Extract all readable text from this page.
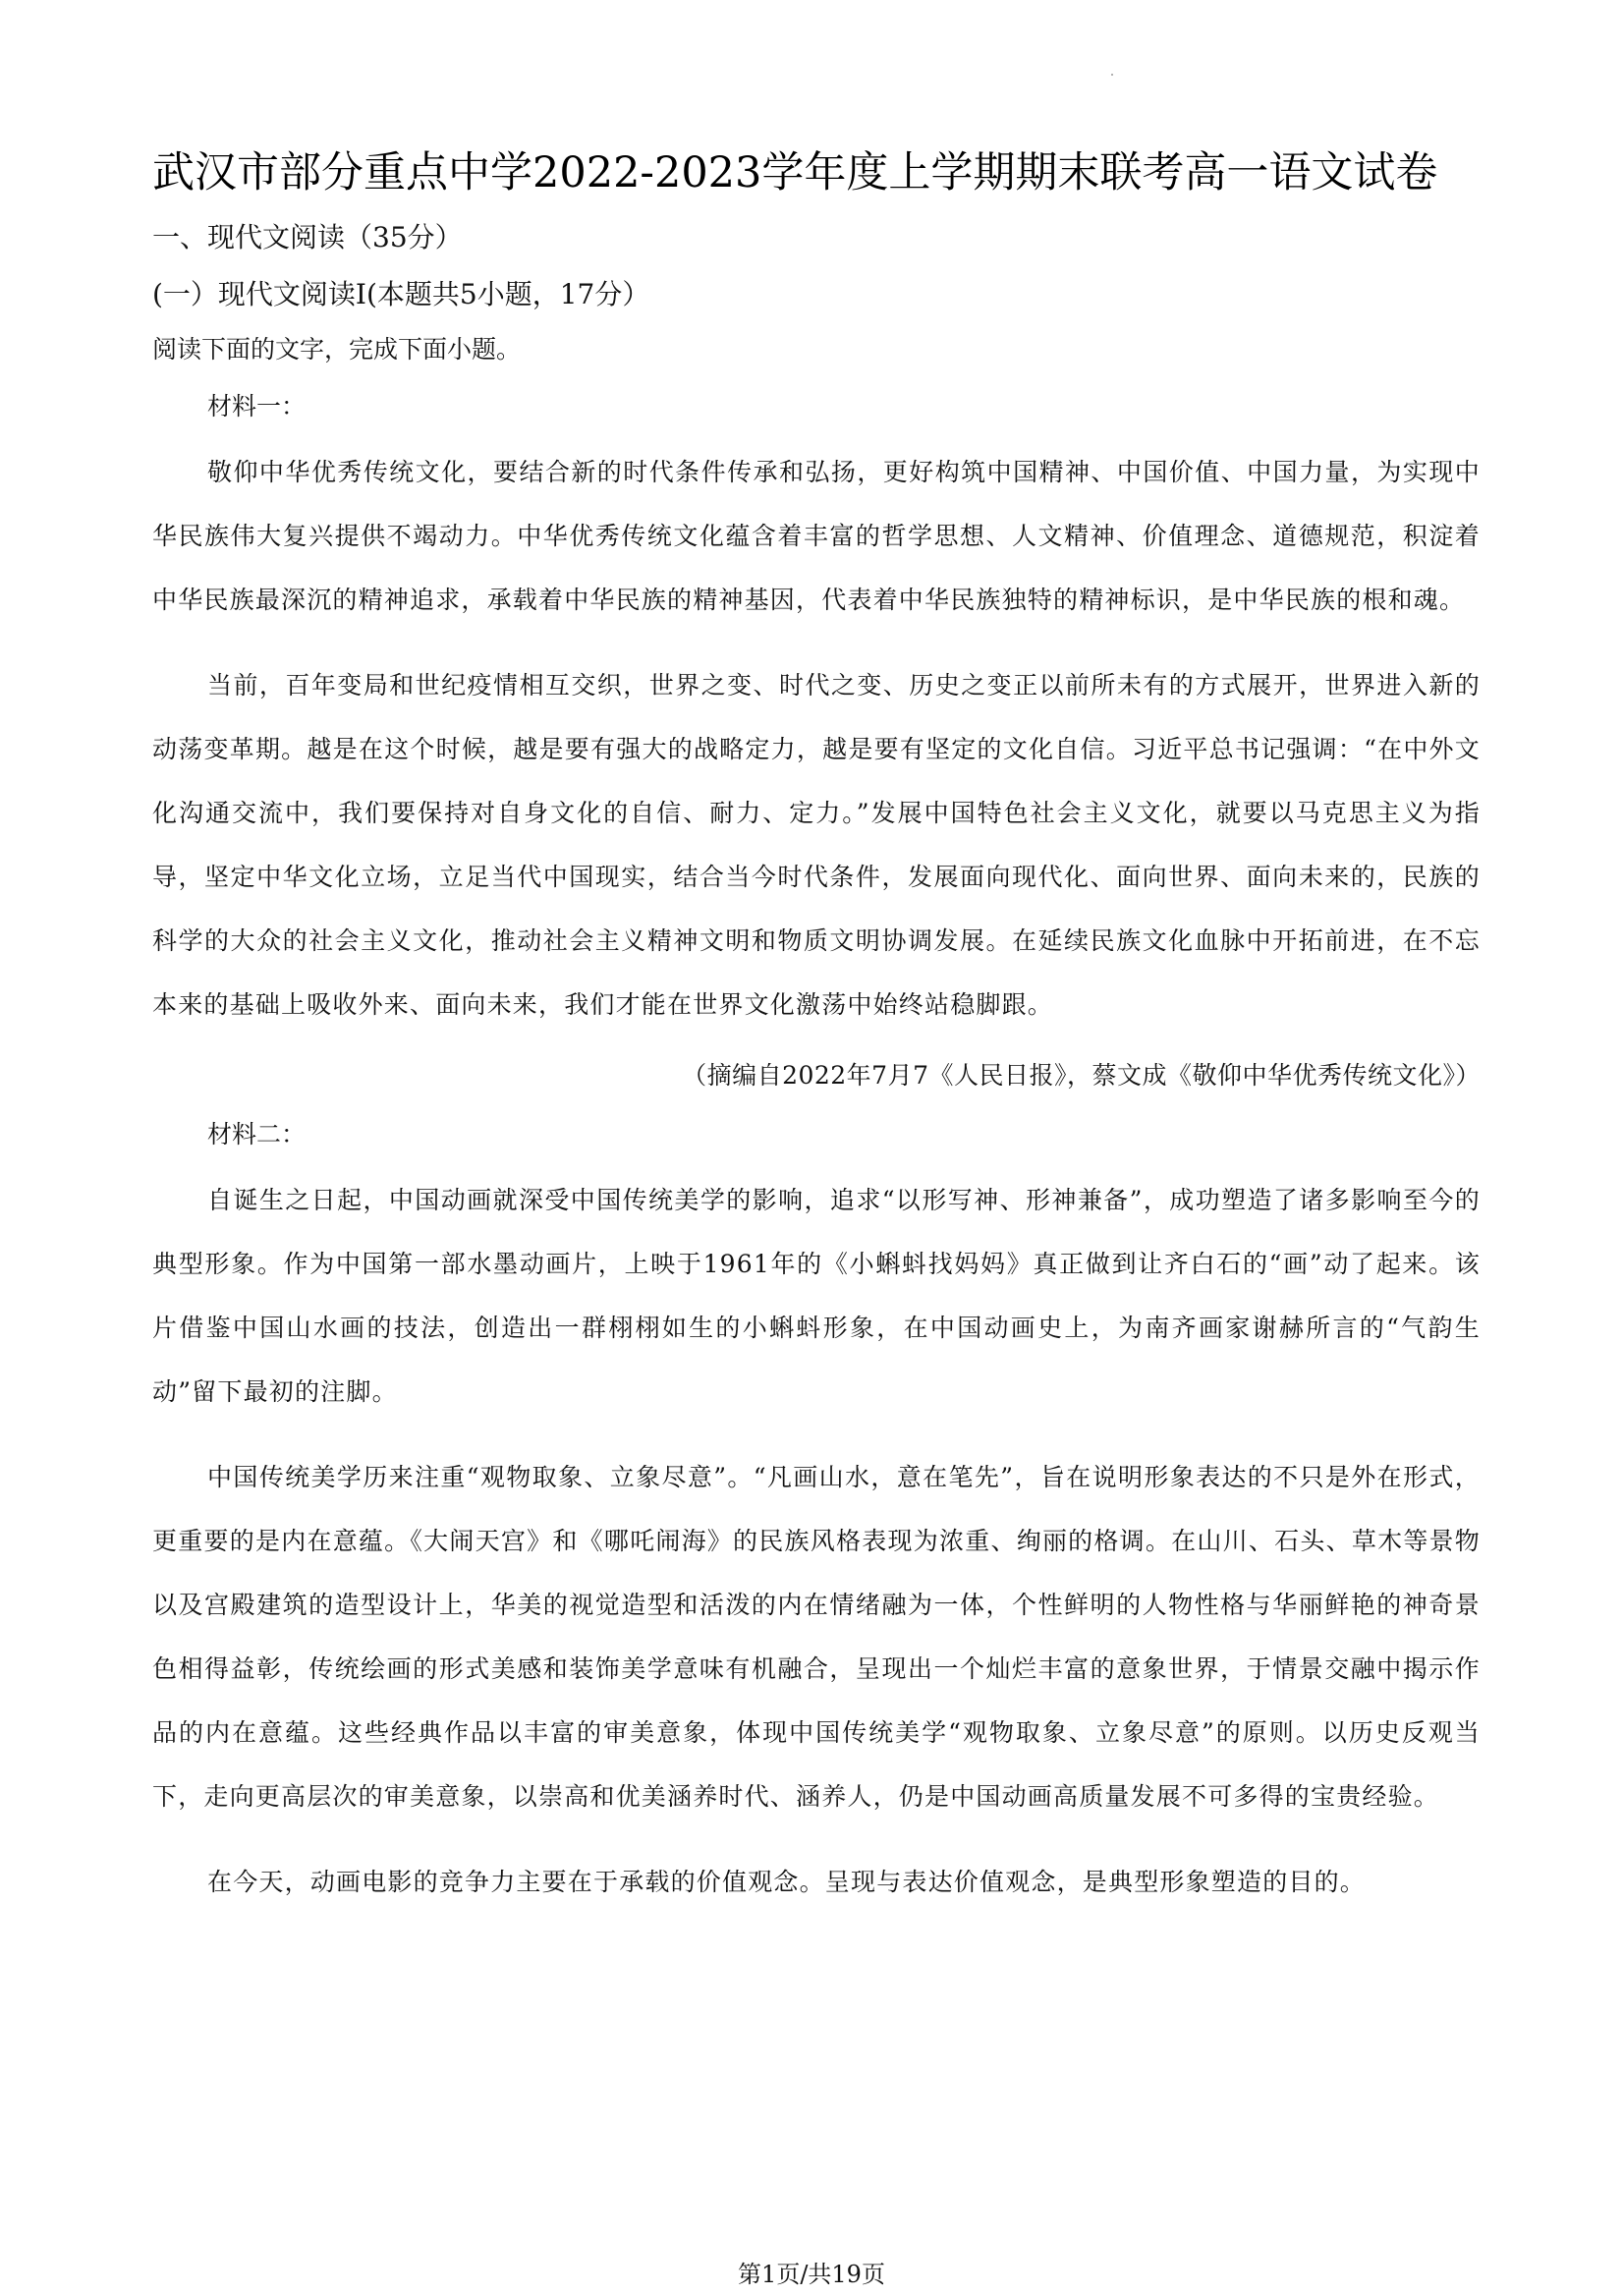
武汉市部分重点中学2022-2023学年度上学期期末联考高一语文试卷
一、现代文阅读（35分）
(一）现代文阅读Ⅰ(本题共5小题，17分）
阅读下面的文字，完成下面小题。
材料一：

敬仰中华优秀传统文化，要结合新的时代条件传承和弘扬，更好构筑中国精神、中国价值、中国力量，为实现中华民族伟大复兴提供不竭动力。中华优秀传统文化蕴含着丰富的哲学思想、人文精神、价值理念、道德规范，积淀着中华民族最深沉的精神追求，承载着中华民族的精神基因，代表着中华民族独特的精神标识，是中华民族的根和魂。

当前，百年变局和世纪疫情相互交织，世界之变、时代之变、历史之变正以前所未有的方式展开，世界进入新的动荡变革期。越是在这个时候，越是要有强大的战略定力，越是要有坚定的文化自信。习近平总书记强调：“在中外文化沟通交流中，我们要保持对自身文化的自信、耐力、定力。”发展中国特色社会主义文化，就要以马克思主义为指导，坚定中华文化立场，立足当代中国现实，结合当今时代条件，发展面向现代化、面向世界、面向未来的，民族的科学的大众的社会主义文化，推动社会主义精神文明和物质文明协调发展。在延续民族文化血脉中开拓前进，在不忘本来的基础上吸收外来、面向未来，我们才能在世界文化激荡中始终站稳脚跟。

（摘编自2022年7月7《人民日报》，蔡文成《敬仰中华优秀传统文化》）
材料二：

自诞生之日起，中国动画就深受中国传统美学的影响，追求“以形写神、形神兼备”，成功塑造了诸多影响至今的典型形象。作为中国第一部水墨动画片，上映于1961年的《小蝌蚪找妈妈》真正做到让齐白石的“画”动了起来。该片借鉴中国山水画的技法，创造出一群栩栩如生的小蝌蚪形象，在中国动画史上，为南齐画家谢赫所言的“气韵生动”留下最初的注脚。

中国传统美学历来注重“观物取象、立象尽意”。“凡画山水，意在笔先”，旨在说明形象表达的不只是外在形式，更重要的是内在意蕴。《大闹天宫》和《哪吒闹海》的民族风格表现为浓重、绚丽的格调。在山川、石头、草木等景物以及宫殿建筑的造型设计上，华美的视觉造型和活泼的内在情绪融为一体，个性鲜明的人物性格与华丽鲜艳的神奇景色相得益彰，传统绘画的形式美感和装饰美学意味有机融合，呈现出一个灿烂丰富的意象世界，于情景交融中揭示作品的内在意蕴。这些经典作品以丰富的审美意象，体现中国传统美学“观物取象、立象尽意”的原则。以历史反观当下，走向更高层次的审美意象，以崇高和优美涵养时代、涵养人，仍是中国动画高质量发展不可多得的宝贵经验。

在今天，动画电影的竞争力主要在于承载的价值观念。呈现与表达价值观念，是典型形象塑造的目的。

第1页/共19页
